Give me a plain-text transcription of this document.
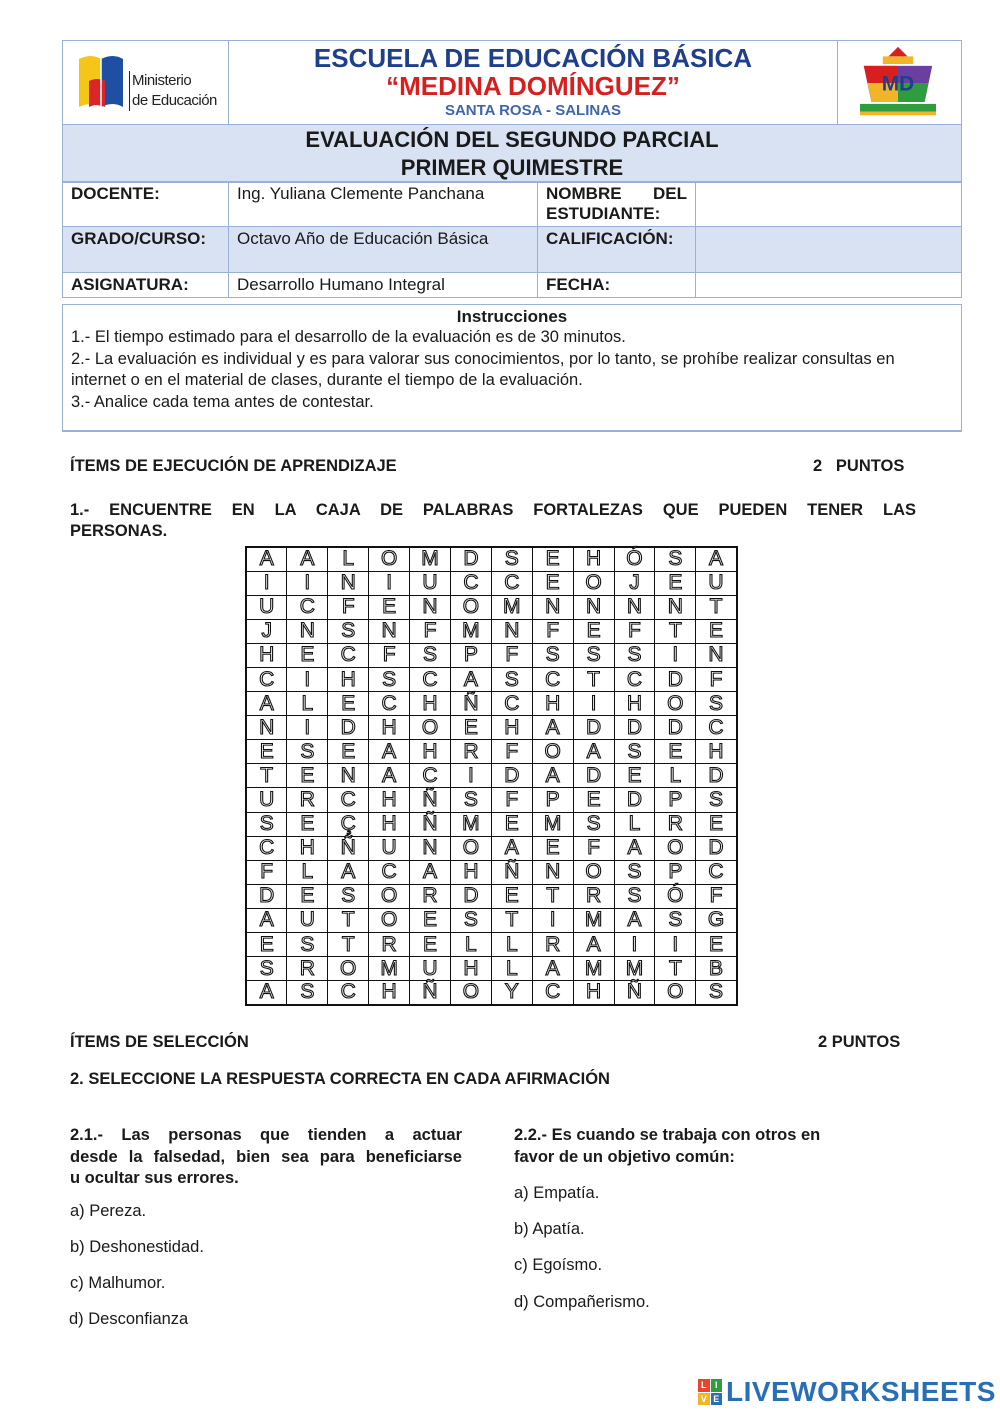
Ministerio
de Educación

ESCUELA DE EDUCACIÓN BÁSICA
“MEDINA DOMÍNGUEZ”
SANTA ROSA - SALINAS

MD

EVALUACIÓN DEL SEGUNDO PARCIAL
PRIMER QUIMESTRE
DOCENTE:	Ing. Yuliana Clemente Panchana	NOMBRE DEL
ESTUDIANTE:	

GRADO/CURSO:	Octavo Año de Educación Básica	CALIFICACIÓN:	
ASIGNATURA:	Desarrollo Humano Integral	FECHA:	
Instrucciones

1.- El tiempo estimado para el desarrollo de la evaluación es de 30 minutos.

2.- La evaluación es individual y es para valorar sus conocimientos, por lo tanto, se prohíbe realizar consultas en internet o en el material de clases, durante el tiempo de la evaluación.

3.- Analice cada tema antes de contestar.

ÍTEMS DE EJECUCIÓN DE APRENDIZAJE	2   PUNTOS
1.- ENCUENTRE EN LA CAJA DE PALABRAS FORTALEZAS QUE PUEDEN TENER LAS
PERSONAS.
A	A	L	O	M	D	S	E	H	Ó	S	A
I	I	N	I	U	C	C	E	O	J	E	U
U	C	F	E	N	O	M	N	N	N	N	T
J	N	S	N	F	M	N	F	E	F	T	E
H	E	C	F	S	P	F	S	S	S	I	N
C	I	H	S	C	A	S	C	T	C	D	F
A	L	E	C	H	Ñ	C	H	I	H	O	S
N	I	D	H	O	E	H	A	D	D	D	C
E	S	E	A	H	R	F	O	A	S	E	H
T	E	N	A	C	I	D	A	D	E	L	D
U	R	C	H	Ñ	S	F	P	E	D	P	S
S	E	Ç	H	Ñ	M	E	M	S	L	R	E
C	H	Ñ	U	N	O	A	E	F	A	O	D
F	L	A	C	A	H	Ñ	N	O	S	P	C
D	E	S	O	R	D	E	T	R	S	Ó	F
A	U	T	O	E	S	T	I	M	A	S	G
E	S	T	R	E	L	L	R	A	I	I	E
S	R	O	M	U	H	L	A	M	M	T	B
A	S	C	H	Ñ	O	Y	C	H	Ñ	O	S
ÍTEMS DE SELECCIÓN	2 PUNTOS
2. SELECCIONE LA RESPUESTA CORRECTA EN CADA AFIRMACIÓN
2.1.- Las personas que tienden a actuar
desde la falsedad, bien sea para beneficiarse
u ocultar sus errores.
a) Pereza.
b) Deshonestidad.
c) Malhumor.
d) Desconfianza
2.2.- Es cuando se trabaja con otros en
favor de un objetivo común:
a) Empatía.
b) Apatía.
c) Egoísmo.
d) Compañerismo.
L I
V E LIVEWORKSHEETS
